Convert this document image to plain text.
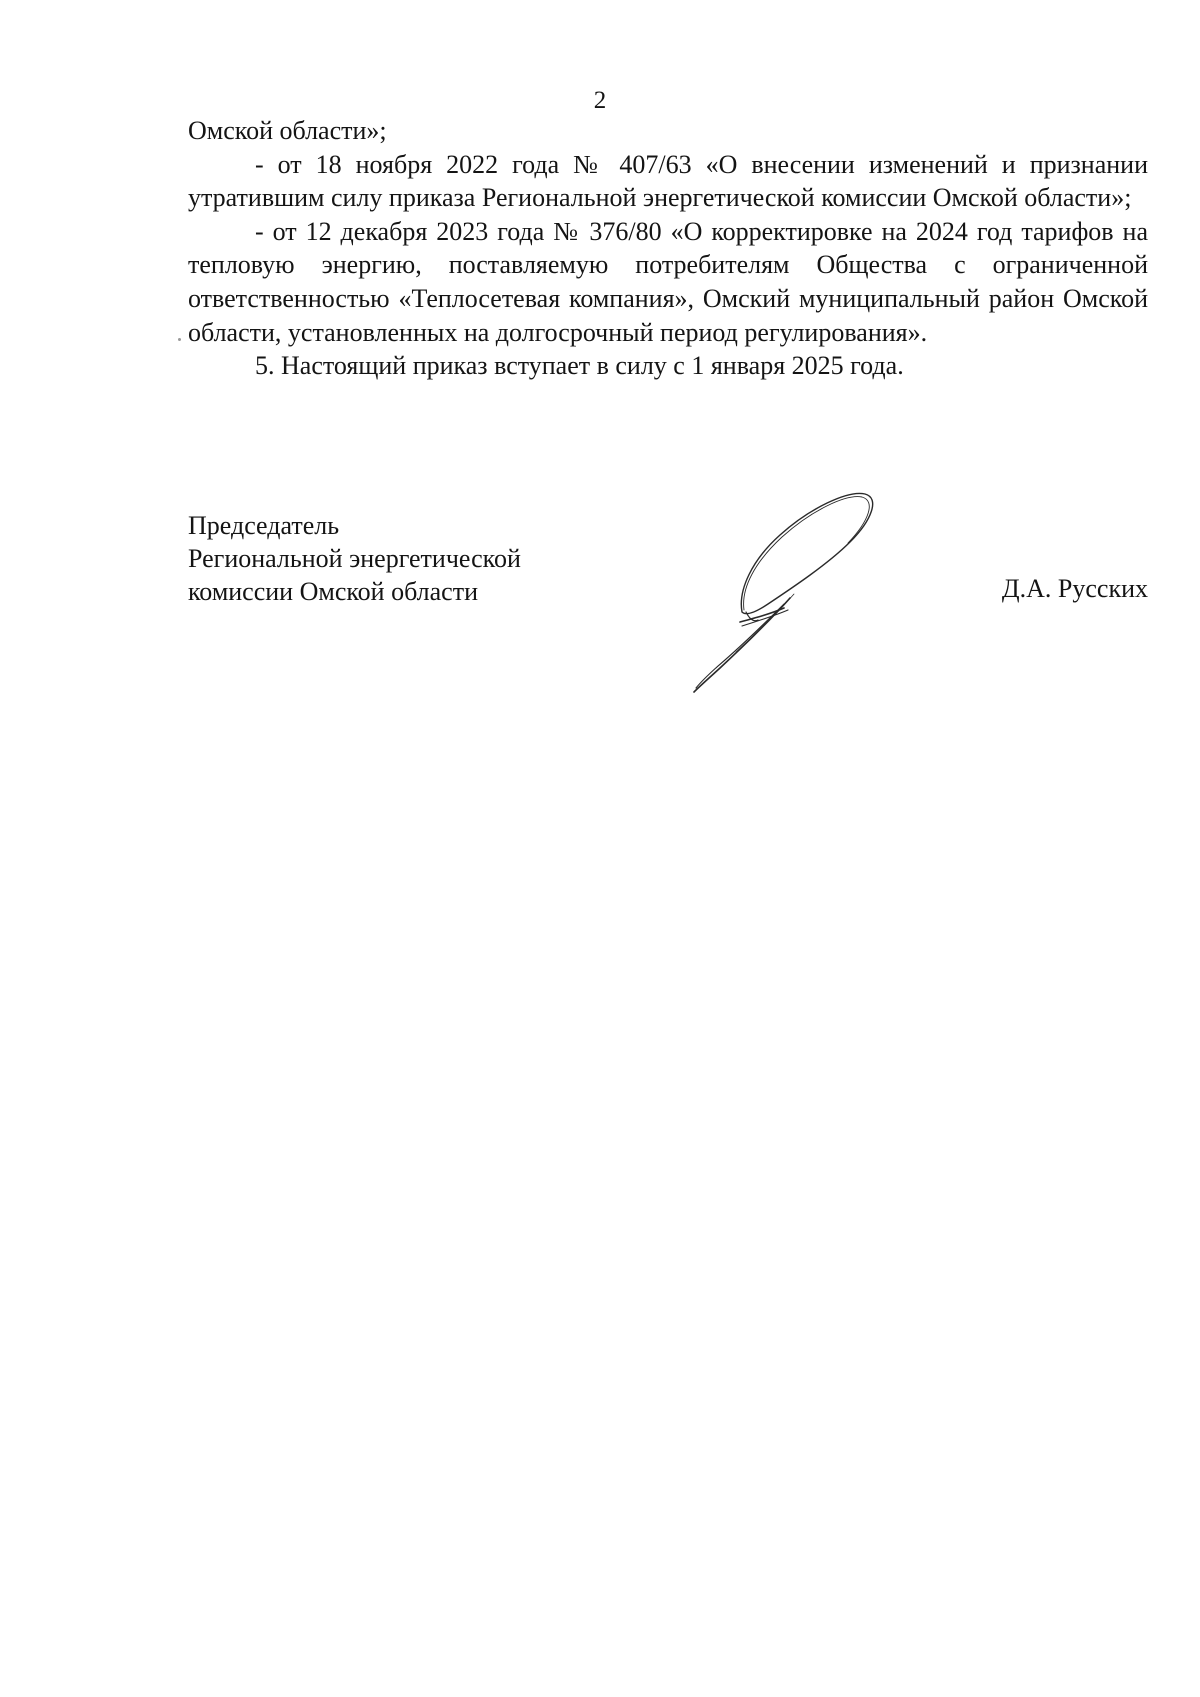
2

Омской области»;

- от 18 ноября 2022 года № 407/63 «О внесении изменений и признании утратившим силу приказа Региональной энергетической комиссии Омской области»;

- от 12 декабря 2023 года № 376/80 «О корректировке на 2024 год тарифов на тепловую энергию, поставляемую потребителям Общества с ограниченной ответственностью «Теплосетевая компания», Омский муниципальный район Омской области, установленных на долгосрочный период регулирования».

5. Настоящий приказ вступает в силу с 1 января 2025 года.

Председатель
Региональной энергетической
комиссии Омской области	Д.А. Русских
